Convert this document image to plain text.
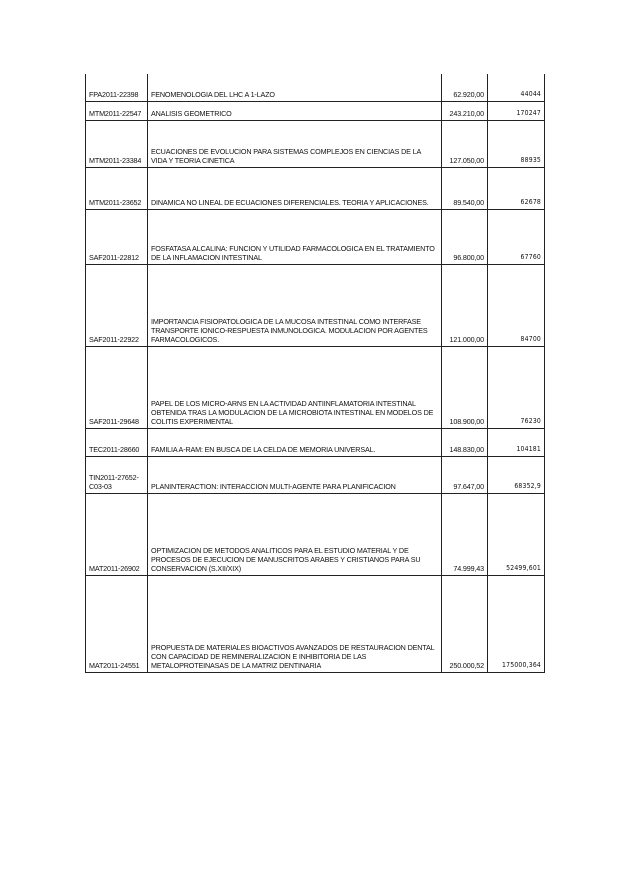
FPA2011-22398	FENOMENOLOGIA DEL LHC A 1-LAZO	62.920,00	44044
MTM2011-22547	ANALISIS GEOMETRICO	243.210,00	170247
MTM2011-23384	ECUACIONES DE EVOLUCION PARA SISTEMAS COMPLEJOS EN CIENCIAS DE LA VIDA Y TEORIA CINETICA	127.050,00	88935
MTM2011-23652	DINAMICA NO LINEAL DE ECUACIONES DIFERENCIALES. TEORIA Y APLICACIONES.	89.540,00	62678
SAF2011-22812	FOSFATASA ALCALINA: FUNCION Y UTILIDAD FARMACOLOGICA EN EL TRATAMIENTO DE LA INFLAMACION INTESTINAL	96.800,00	67760
SAF2011-22922	IMPORTANCIA FISIOPATOLOGICA DE LA MUCOSA INTESTINAL COMO INTERFASE TRANSPORTE IONICO-RESPUESTA INMUNOLOGICA. MODULACION POR AGENTES FARMACOLOGICOS.	121.000,00	84700
SAF2011-29648	PAPEL DE LOS MICRO-ARNS EN LA ACTIVIDAD ANTIINFLAMATORIA INTESTINAL OBTENIDA TRAS LA MODULACION DE LA MICROBIOTA INTESTINAL EN MODELOS DE COLITIS EXPERIMENTAL	108.900,00	76230
TEC2011-28660	FAMILIA A-RAM: EN BUSCA DE LA CELDA DE MEMORIA UNIVERSAL.	148.830,00	104181
TIN2011-27652-C03-03	PLANINTERACTION: INTERACCION MULTI-AGENTE PARA PLANIFICACION	97.647,00	68352,9
MAT2011-26902	OPTIMIZACION DE METODOS ANALITICOS PARA EL ESTUDIO MATERIAL Y DE PROCESOS DE EJECUCION DE MANUSCRITOS ARABES Y CRISTIANOS PARA SU CONSERVACION (S.XII/XIX)	74.999,43	52499,601
MAT2011-24551	PROPUESTA DE MATERIALES BIOACTIVOS AVANZADOS DE RESTAURACION DENTAL CON CAPACIDAD DE REMINERALIZACION E INHIBITORIA DE LAS METALOPROTEINASAS DE LA MATRIZ DENTINARIA	250.000,52	175000,364
